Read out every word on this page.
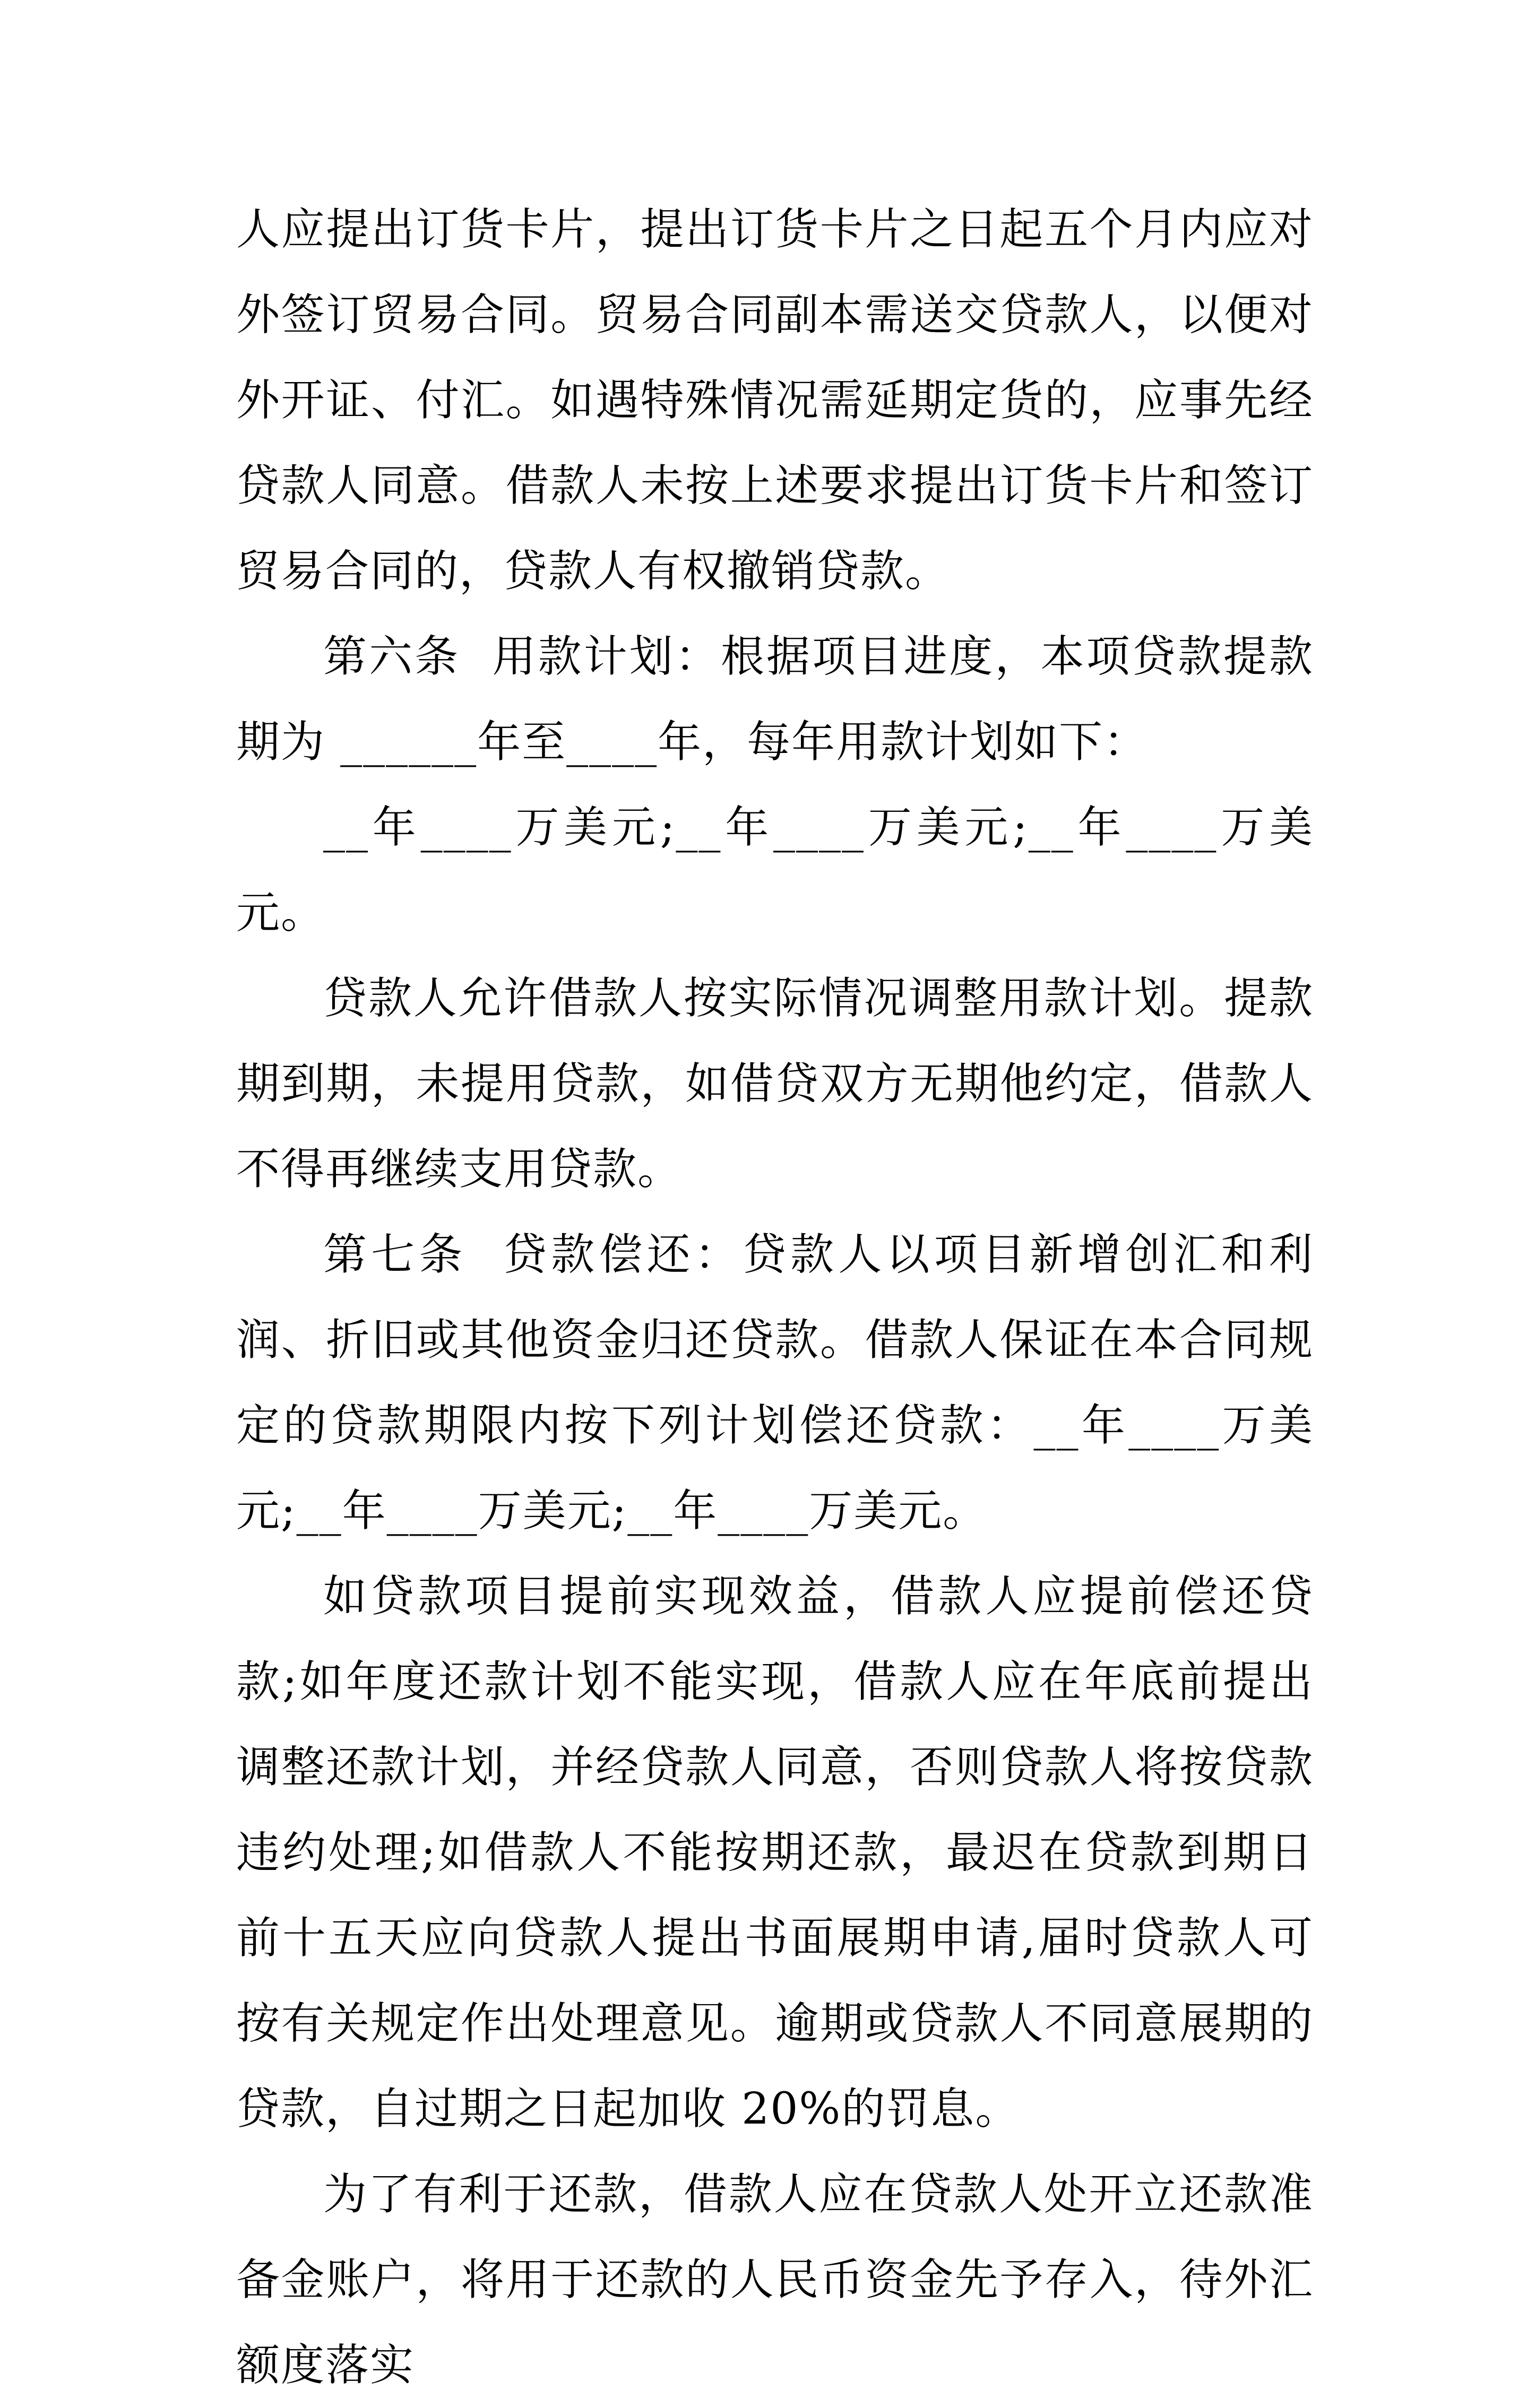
人应提出订货卡片，提出订货卡片之日起五个月内应对外签订贸易合同。贸易合同副本需送交贷款人，以便对外开证、付汇。如遇特殊情况需延期定货的，应事先经贷款人同意。借款人未按上述要求提出订货卡片和签订贸易合同的，贷款人有权撤销贷款。

第六条  用款计划：根据项目进度，本项贷款提款期为 ______年至____年，每年用款计划如下：

__年____万美元;__年____万美元;__年____万美元。

贷款人允许借款人按实际情况调整用款计划。提款期到期，未提用贷款，如借贷双方无期他约定，借款人不得再继续支用贷款。

第七条  贷款偿还：贷款人以项目新增创汇和利润、折旧或其他资金归还贷款。借款人保证在本合同规定的贷款期限内按下列计划偿还贷款：__年____万美元;__年____万美元;__年____万美元。

如贷款项目提前实现效益，借款人应提前偿还贷款;如年度还款计划不能实现，借款人应在年底前提出调整还款计划，并经贷款人同意，否则贷款人将按贷款违约处理;如借款人不能按期还款，最迟在贷款到期日前十五天应向贷款人提出书面展期申请,届时贷款人可按有关规定作出处理意见。逾期或贷款人不同意展期的贷款，自过期之日起加收 20%的罚息。

为了有利于还款，借款人应在贷款人处开立还款准备金账户，将用于还款的人民币资金先予存入，待外汇额度落实
